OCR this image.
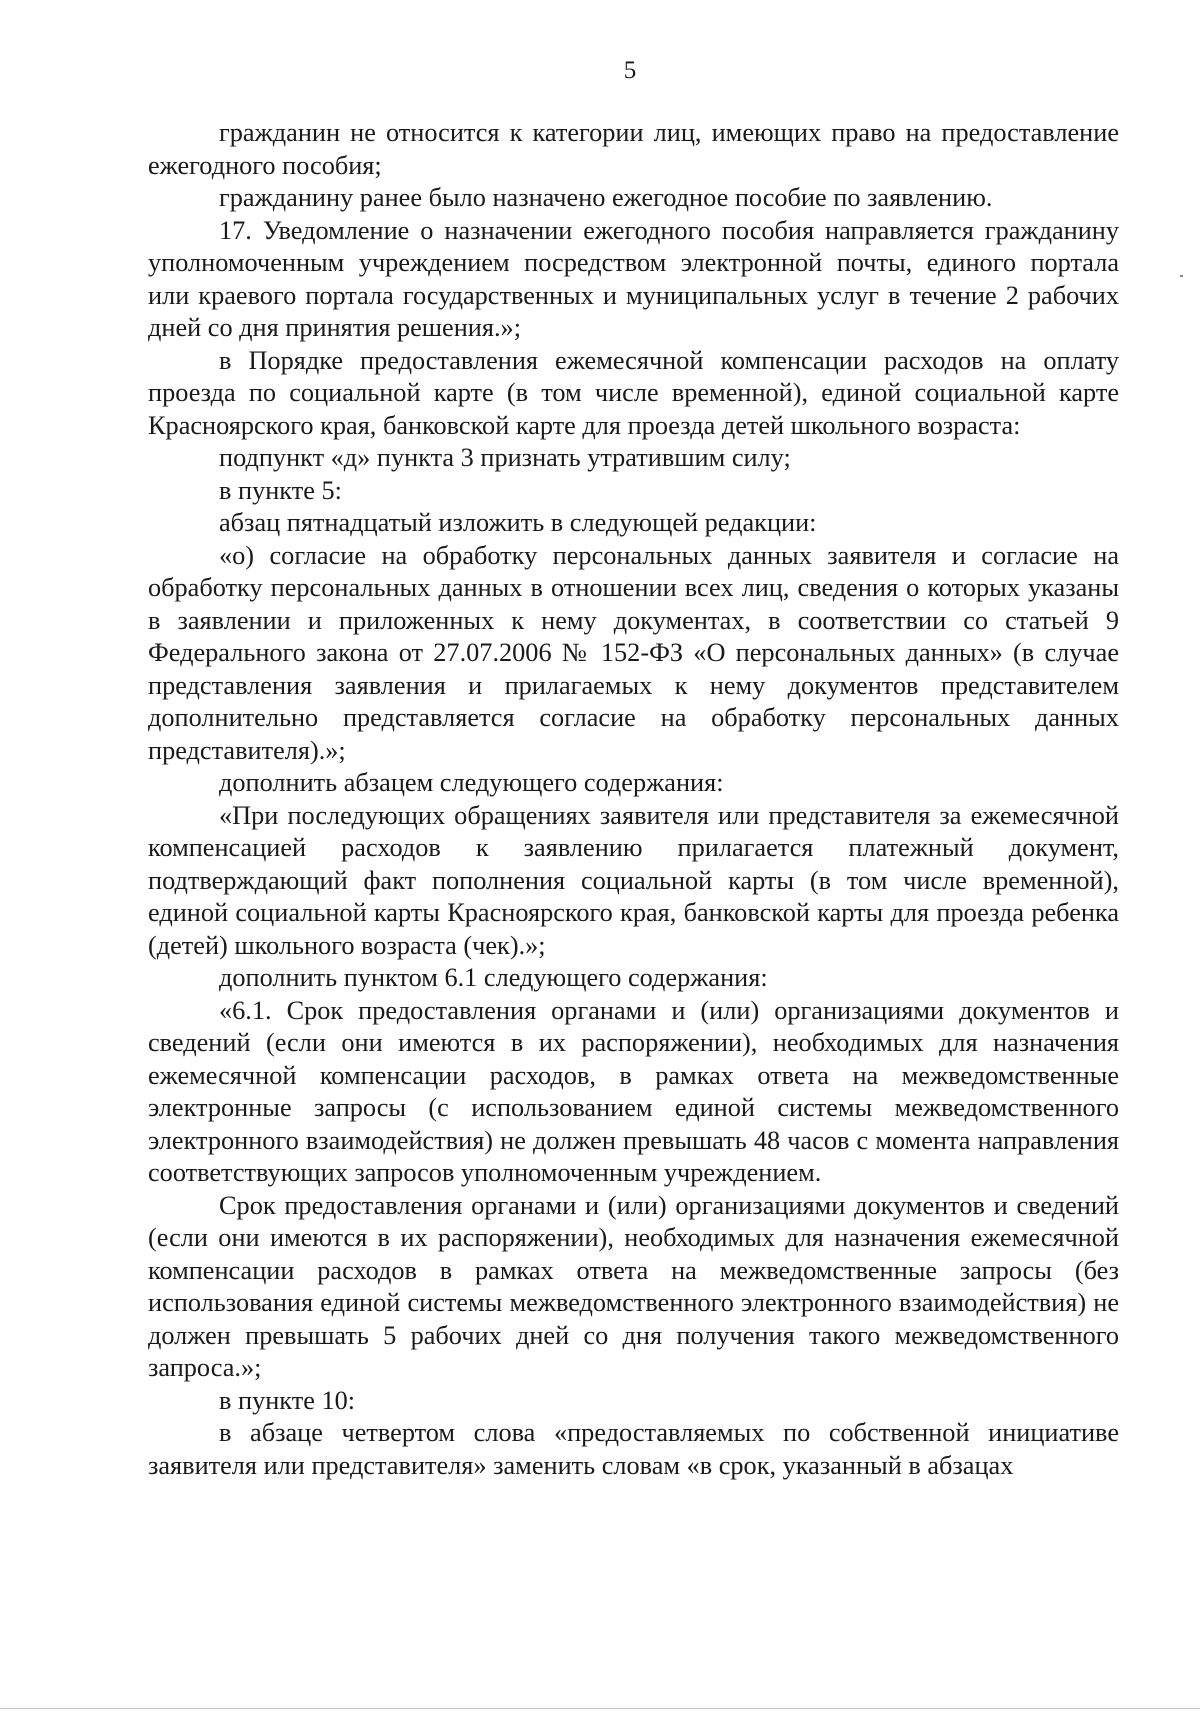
5

гражданин не относится к категории лиц, имеющих право на предоставление ежегодного пособия;

гражданину ранее было назначено ежегодное пособие по заявлению.

17. Уведомление о назначении ежегодного пособия направляется гражданину уполномоченным учреждением посредством электронной почты, единого портала или краевого портала государственных и муниципальных услуг в течение 2 рабочих дней со дня принятия решения.»;

в Порядке предоставления ежемесячной компенсации расходов на оплату проезда по социальной карте (в том числе временной), единой социальной карте Красноярского края, банковской карте для проезда детей школьного возраста:

подпункт «д» пункта 3 признать утратившим силу;

в пункте 5:

абзац пятнадцатый изложить в следующей редакции:

«о) согласие на обработку персональных данных заявителя и согласие на обработку персональных данных в отношении всех лиц, сведения о которых указаны в заявлении и приложенных к нему документах, в соответствии со статьей 9 Федерального закона от 27.07.2006 № 152-ФЗ «О персональных данных» (в случае представления заявления и прилагаемых к нему документов представителем дополнительно представляется согласие на обработку персональных данных представителя).»;

дополнить абзацем следующего содержания:

«При последующих обращениях заявителя или представителя за ежемесячной компенсацией расходов к заявлению прилагается платежный документ, подтверждающий факт пополнения социальной карты (в том числе временной), единой социальной карты Красноярского края, банковской карты для проезда ребенка (детей) школьного возраста (чек).»;

дополнить пунктом 6.1 следующего содержания:

«6.1. Срок предоставления органами и (или) организациями документов и сведений (если они имеются в их распоряжении), необходимых для назначения ежемесячной компенсации расходов, в рамках ответа на межведомственные электронные запросы (с использованием единой системы межведомственного электронного взаимодействия) не должен превышать 48 часов с момента направления соответствующих запросов уполномоченным учреждением.

Срок предоставления органами и (или) организациями документов и сведений (если они имеются в их распоряжении), необходимых для назначения ежемесячной компенсации расходов в рамках ответа на межведомственные запросы (без использования единой системы межведомственного электронного взаимодействия) не должен превышать 5 рабочих дней со дня получения такого межведомственного запроса.»;

в пункте 10:

в абзаце четвертом слова «предоставляемых по собственной инициативе заявителя или представителя» заменить словам «в срок, указанный в абзацах
